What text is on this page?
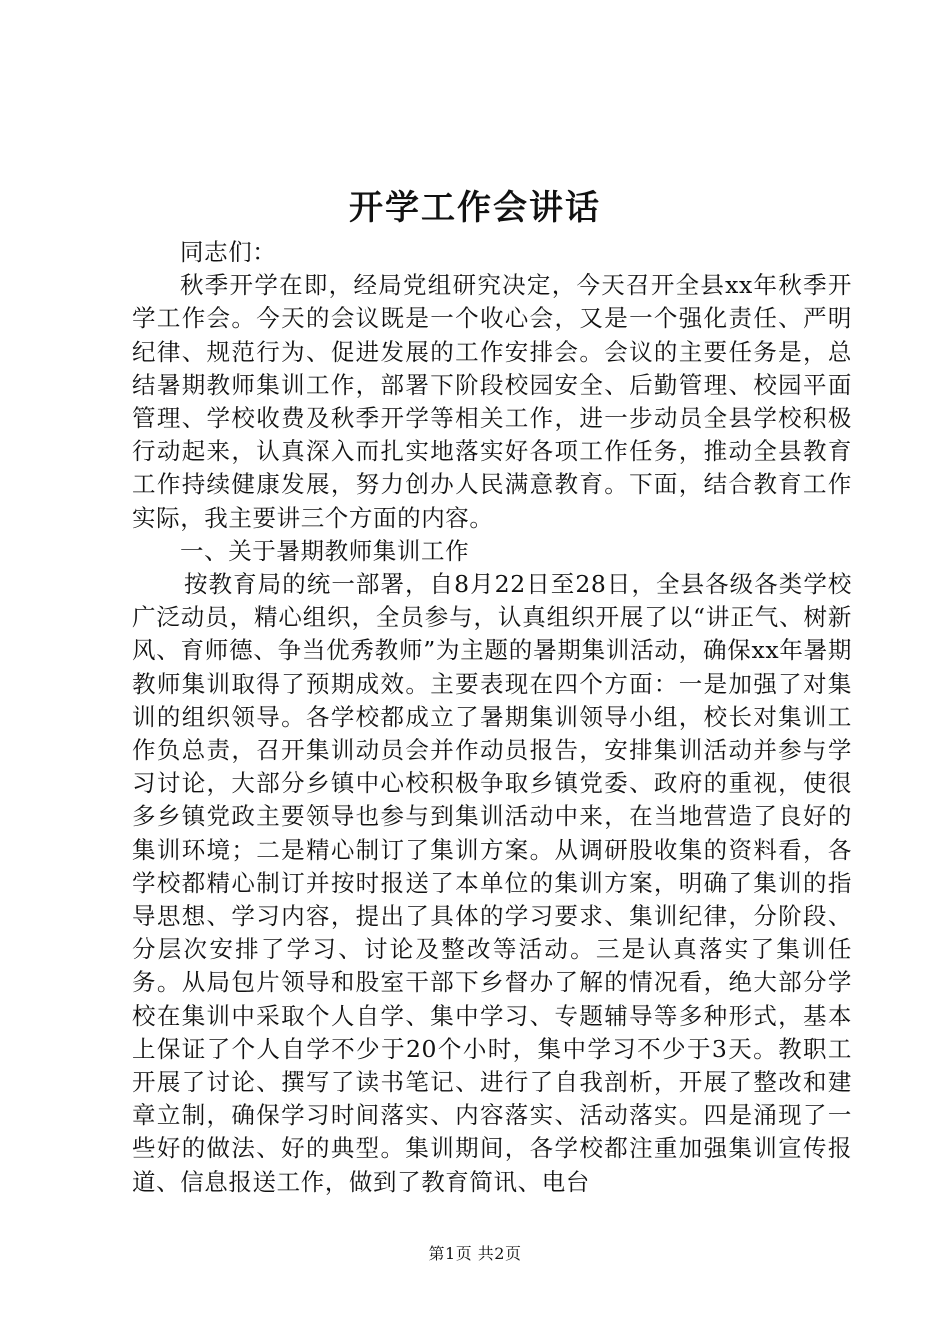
开学工作会讲话

同志们：

秋季开学在即，经局党组研究决定，今天召开全县xx年秋季开学工作会。今天的会议既是一个收心会，又是一个强化责任、严明纪律、规范行为、促进发展的工作安排会。会议的主要任务是，总结暑期教师集训工作，部署下阶段校园安全、后勤管理、校园平面管理、学校收费及秋季开学等相关工作，进一步动员全县学校积极行动起来，认真深入而扎实地落实好各项工作任务，推动全县教育工作持续健康发展，努力创办人民满意教育。下面，结合教育工作实际，我主要讲三个方面的内容。

一、关于暑期教师集训工作

按教育局的统一部署，自8月22日至28日，全县各级各类学校广泛动员，精心组织，全员参与，认真组织开展了以“讲正气、树新风、育师德、争当优秀教师”为主题的暑期集训活动，确保xx年暑期教师集训取得了预期成效。主要表现在四个方面：一是加强了对集训的组织领导。各学校都成立了暑期集训领导小组，校长对集训工作负总责，召开集训动员会并作动员报告，安排集训活动并参与学习讨论，大部分乡镇中心校积极争取乡镇党委、政府的重视，使很多乡镇党政主要领导也参与到集训活动中来，在当地营造了良好的集训环境；二是精心制订了集训方案。从调研股收集的资料看，各学校都精心制订并按时报送了本单位的集训方案，明确了集训的指导思想、学习内容，提出了具体的学习要求、集训纪律，分阶段、分层次安排了学习、讨论及整改等活动。三是认真落实了集训任务。从局包片领导和股室干部下乡督办了解的情况看，绝大部分学校在集训中采取个人自学、集中学习、专题辅导等多种形式，基本上保证了个人自学不少于20个小时，集中学习不少于3天。教职工开展了讨论、撰写了读书笔记、进行了自我剖析，开展了整改和建章立制，确保学习时间落实、内容落实、活动落实。四是涌现了一些好的做法、好的典型。集训期间，各学校都注重加强集训宣传报道、信息报送工作，做到了教育简讯、电台

第1页 共2页
